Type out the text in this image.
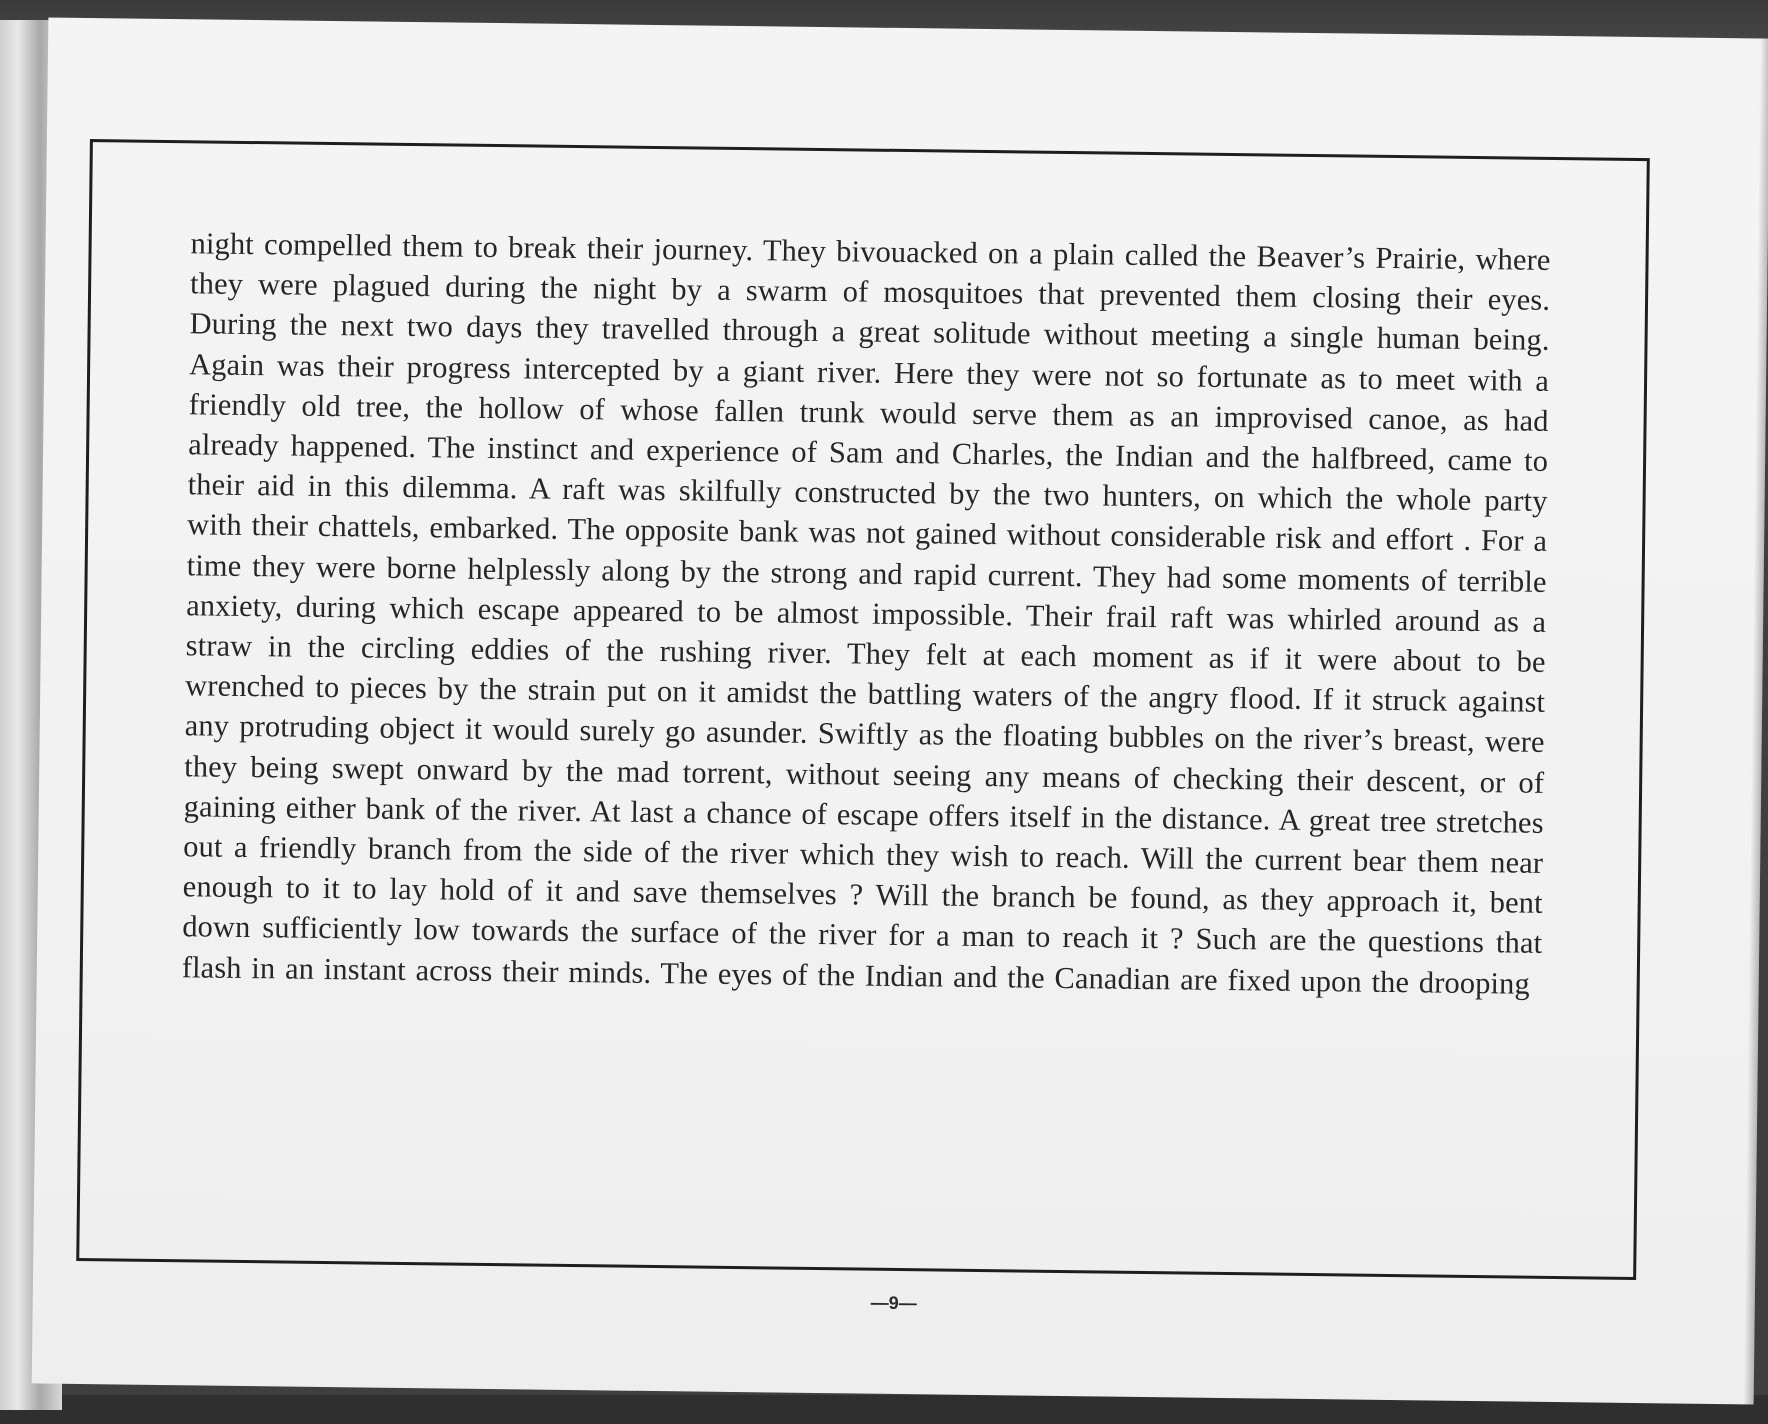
night compelled them to break their journey. They bivouacked on a plain called the Beaver’s Prairie, where they were plagued during the night by a swarm of mosquitoes that prevented them closing their eyes. During the next two days they travelled through a great solitude without meeting a single human being. Again was their progress intercepted by a giant river. Here they were not so fortunate as to meet with a friendly old tree, the hollow of whose fallen trunk would serve them as an improvised canoe, as had already happened. The instinct and experience of Sam and Charles, the Indian and the halfbreed, came to their aid in this dilemma. A raft was skilfully constructed by the two hunters, on which the whole party with their chattels, embarked. The opposite bank was not gained without considerable risk and effort . For a time they were borne helplessly along by the strong and rapid current. They had some moments of terrible anxiety, during which escape appeared to be almost impossible. Their frail raft was whirled around as a straw in the circling eddies of the rushing river. They felt at each moment as if it were about to be wrenched to pieces by the strain put on it amidst the battling waters of the angry flood. If it struck against any protruding object it would surely go asunder. Swiftly as the floating bubbles on the river’s breast, were they being swept onward by the mad torrent, without seeing any means of checking their descent, or of gaining either bank of the river. At last a chance of escape offers itself in the distance. A great tree stretches out a friendly branch from the side of the river which they wish to reach. Will the current bear them near enough to it to lay hold of it and save themselves ? Will the branch be found, as they approach it, bent down sufficiently low towards the surface of the river for a man to reach it ? Such are the questions that flash in an instant across their minds. The eyes of the Indian and the Canadian are fixed upon the drooping

—9—
